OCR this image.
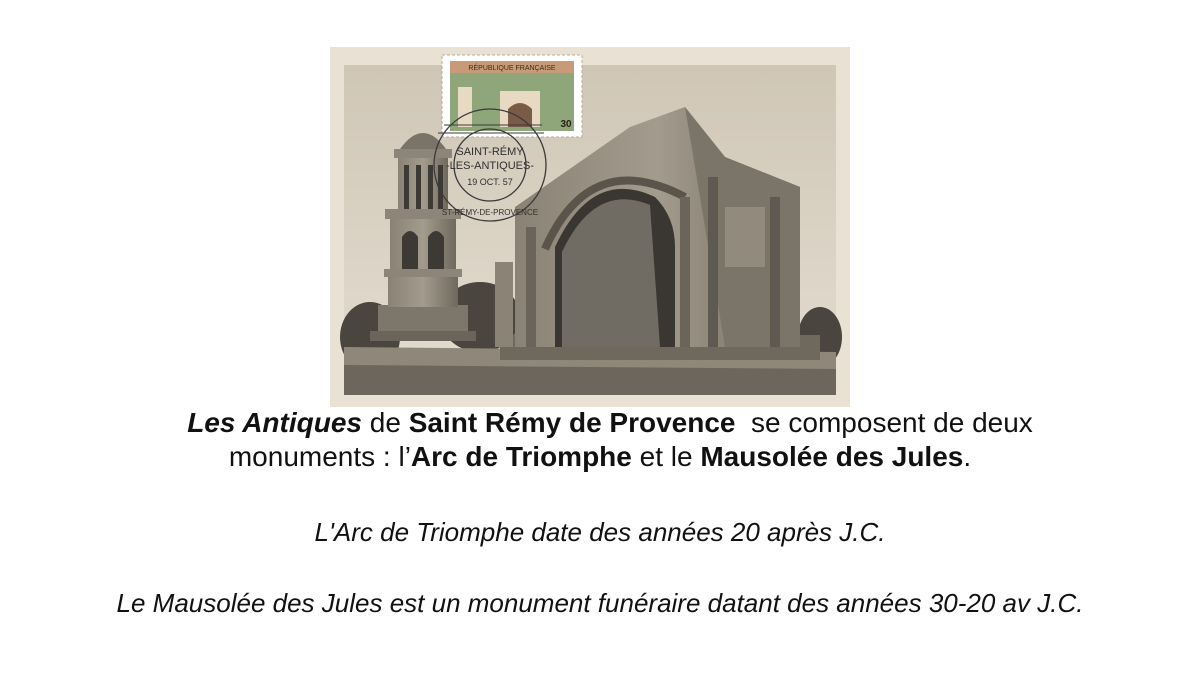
RÉPUBLIQUE FRANÇAISE
30
SAINT-RÉMY
-LES-ANTIQUES-
19 OCT. 57
ST-RÉMY-DE-PROVENCE

Les Antiques de Saint Rémy de Provence  se composent de deux
monuments : l’Arc de Triomphe et le Mausolée des Jules.

L'Arc de Triomphe date des années 20 après J.C.

Le Mausolée des Jules est un monument funéraire datant des années 30-20 av J.C.
